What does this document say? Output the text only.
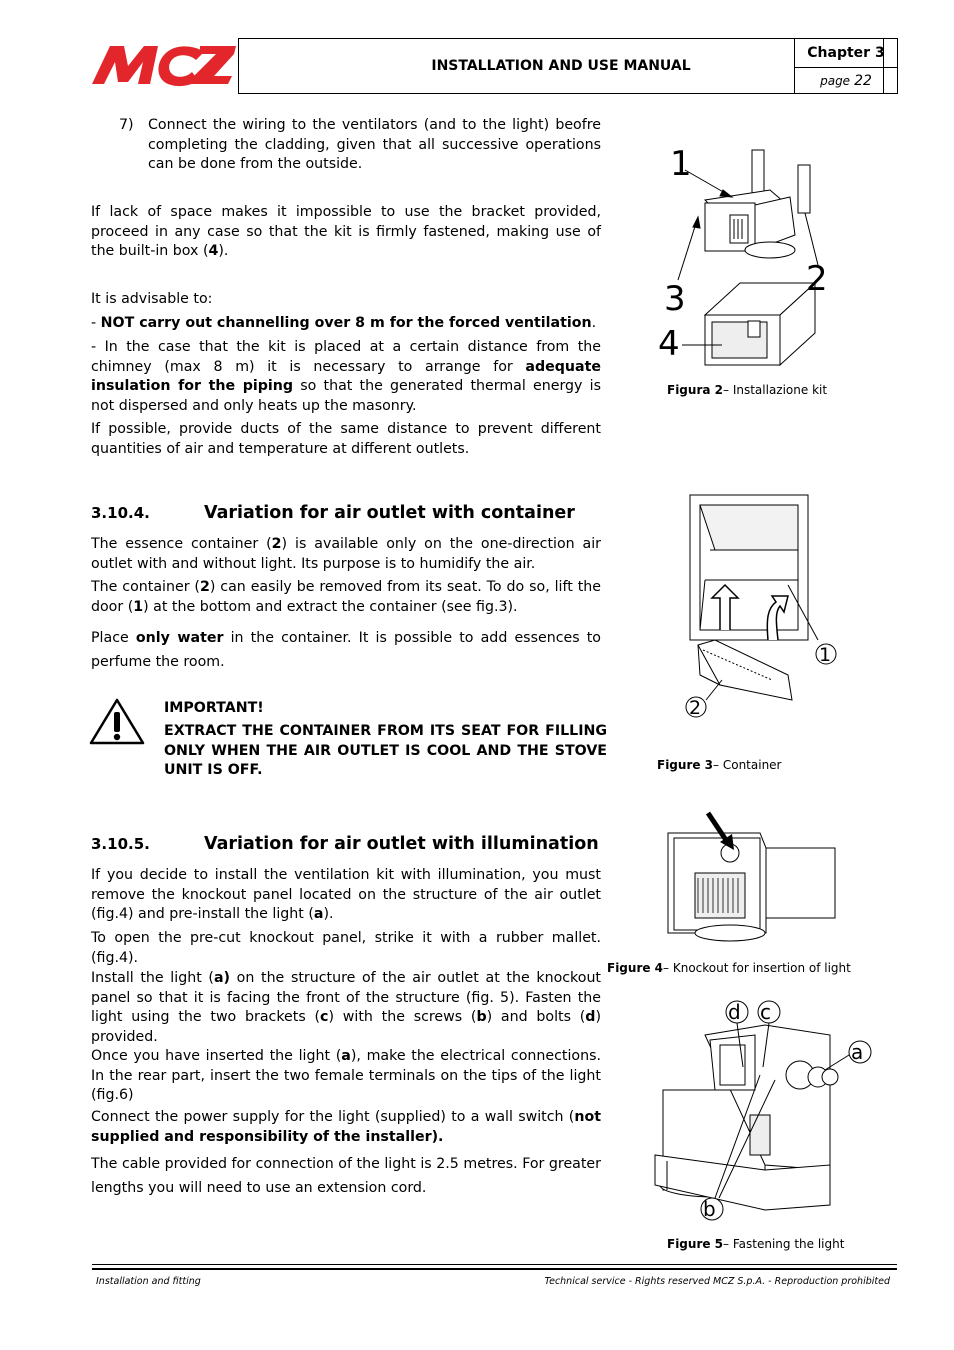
MCZ
INSTALLATION AND USE MANUAL
Chapter 3
page 22
7) Connect the wiring to the ventilators (and to the light) beofre completing the cladding, given that all successive operations can be done from the outside.
If lack of space makes it impossible to use the bracket provided, proceed in any case so that the kit is firmly fastened, making use of the built-in box (4).
It is advisable to:
- NOT carry out channelling over 8 m for the forced ventilation.
- In the case that the kit is placed at a certain distance from the chimney (max 8 m) it is necessary to arrange for adequate insulation for the piping so that the generated thermal energy is not dispersed and only heats up the masonry.
If possible, provide ducts of the same distance to prevent different quantities of air and temperature at different outlets.
3.10.4.	Variation for air outlet with container
The essence container (2) is available only on the one-direction air outlet with and without light. Its purpose is to humidify the air.
The container (2) can easily be removed from its seat. To do so, lift the door (1) at the bottom and extract the container (see fig.3).
Place only water in the container. It is possible to add essences to perfume the room.
IMPORTANT!
EXTRACT THE CONTAINER FROM ITS SEAT FOR FILLING ONLY WHEN THE AIR OUTLET IS COOL AND THE STOVE UNIT IS OFF.
3.10.5.	Variation for air outlet with illumination
If you decide to install the ventilation kit with illumination, you must remove the knockout panel located on the structure of the air outlet (fig.4) and pre-install the light (a).
To open the pre-cut knockout panel, strike it with a rubber mallet. (fig.4).
Install the light (a) on the structure of the air outlet at the knockout panel so that it is facing the front of the structure (fig. 5). Fasten the light using the two brackets (c) with the screws (b) and bolts (d) provided.
Once you have inserted the light (a), make the electrical connections. In the rear part, insert the two female terminals on the tips of the light (fig.6)
Connect the power supply for the light (supplied) to a wall switch (not supplied and responsibility of the installer).
The cable provided for connection of the light is 2.5 metres. For greater lengths you will need to use an extension cord.
1
2
3
4
Figura 2– Installazione kit
1
2
Figure 3– Container
Figure 4– Knockout for insertion of light
d c
a
b
Figure 5– Fastening the light
Installation and fitting	Technical service - Rights reserved MCZ S.p.A. - Reproduction prohibited
